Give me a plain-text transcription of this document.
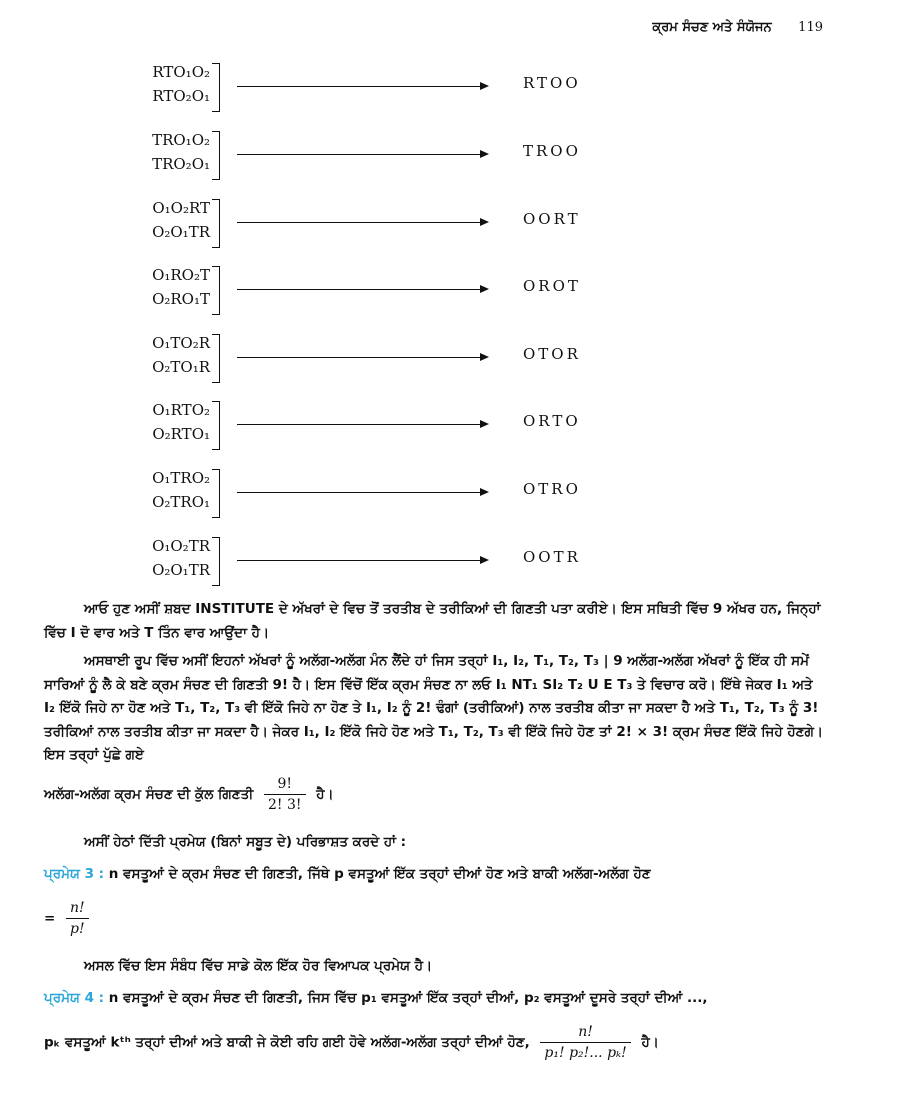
ਕ੍ਰਮ ਸੰਚਣ ਅਤੇ ਸੰਯੋਜਨ 119
RTO₁O₂
RTO₂O₁
RTOO
TRO₁O₂
TRO₂O₁
TROO
O₁O₂RT
O₂O₁TR
OORT
O₁RO₂T
O₂RO₁T
OROT
O₁TO₂R
O₂TO₁R
OTOR
O₁RTO₂
O₂RTO₁
ORTO
O₁TRO₂
O₂TRO₁
OTRO
O₁O₂TR
O₂O₁TR
OOTR
ਆਓ ਹੁਣ ਅਸੀਂ ਸ਼ਬਦ INSTITUTE ਦੇ ਅੱਖਰਾਂ ਦੇ ਵਿਚ ਤੋਂ ਤਰਤੀਬ ਦੇ ਤਰੀਕਿਆਂ ਦੀ ਗਿਣਤੀ ਪਤਾ ਕਰੀਏ। ਇਸ ਸਥਿਤੀ ਵਿੱਚ 9 ਅੱਖਰ ਹਨ, ਜਿਨ੍ਹਾਂ ਵਿੱਚ I ਦੋ ਵਾਰ ਅਤੇ T ਤਿੰਨ ਵਾਰ ਆਉਂਦਾ ਹੈ।
ਅਸਥਾਈ ਰੂਪ ਵਿੱਚ ਅਸੀਂ ਇਹਨਾਂ ਅੱਖਰਾਂ ਨੂੰ ਅਲੱਗ-ਅਲੱਗ ਮੰਨ ਲੈਂਦੇ ਹਾਂ ਜਿਸ ਤਰ੍ਹਾਂ I₁, I₂, T₁, T₂, T₃ | 9 ਅਲੱਗ-ਅਲੱਗ ਅੱਖਰਾਂ ਨੂੰ ਇੱਕ ਹੀ ਸਮੇਂ ਸਾਰਿਆਂ ਨੂੰ ਲੈ ਕੇ ਬਣੇ ਕ੍ਰਮ ਸੰਚਣ ਦੀ ਗਿਣਤੀ 9! ਹੈ। ਇਸ ਵਿੱਚੋਂ ਇੱਕ ਕ੍ਰਮ ਸੰਚਣ ਨਾ ਲਓ I₁ NT₁ SI₂ T₂ U E T₃ ਤੇ ਵਿਚਾਰ ਕਰੋ। ਇੱਥੇ ਜੇਕਰ I₁ ਅਤੇ I₂ ਇੱਕੋ ਜਿਹੇ ਨਾ ਹੋਣ ਅਤੇ T₁, T₂, T₃ ਵੀ ਇੱਕੋ ਜਿਹੇ ਨਾ ਹੋਣ ਤੇ I₁, I₂ ਨੂੰ 2! ਢੰਗਾਂ (ਤਰੀਕਿਆਂ) ਨਾਲ ਤਰਤੀਬ ਕੀਤਾ ਜਾ ਸਕਦਾ ਹੈ ਅਤੇ T₁, T₂, T₃ ਨੂੰ 3! ਤਰੀਕਿਆਂ ਨਾਲ ਤਰਤੀਬ ਕੀਤਾ ਜਾ ਸਕਦਾ ਹੈ। ਜੇਕਰ I₁, I₂ ਇੱਕੋ ਜਿਹੇ ਹੋਣ ਅਤੇ T₁, T₂, T₃ ਵੀ ਇੱਕੋ ਜਿਹੇ ਹੋਣ ਤਾਂ 2! × 3! ਕ੍ਰਮ ਸੰਚਣ ਇੱਕੋ ਜਿਹੇ ਹੋਣਗੇ। ਇਸ ਤਰ੍ਹਾਂ ਪੁੱਛੇ ਗਏ
ਅਲੱਗ-ਅਲੱਗ ਕ੍ਰਮ ਸੰਚਣ ਦੀ ਕੁੱਲ ਗਿਣਤੀ $\frac{9!}{2! 3!}$ ਹੈ।
ਅਸੀਂ ਹੇਠਾਂ ਦਿੱਤੀ ਪ੍ਰਮੇਯ (ਬਿਨਾਂ ਸਬੂਤ ਦੇ) ਪਰਿਭਾਸ਼ਤ ਕਰਦੇ ਹਾਂ :
ਪ੍ਰਮੇਯ 3 : n ਵਸਤੂਆਂ ਦੇ ਕ੍ਰਮ ਸੰਚਣ ਦੀ ਗਿਣਤੀ, ਜਿੱਥੇ p ਵਸਤੂਆਂ ਇੱਕ ਤਰ੍ਹਾਂ ਦੀਆਂ ਹੋਣ ਅਤੇ ਬਾਕੀ ਅਲੱਗ-ਅਲੱਗ ਹੋਣ
= $\frac{n!}{p!}$
ਅਸਲ ਵਿੱਚ ਇਸ ਸੰਬੰਧ ਵਿੱਚ ਸਾਡੇ ਕੋਲ ਇੱਕ ਹੋਰ ਵਿਆਪਕ ਪ੍ਰਮੇਯ ਹੈ।
ਪ੍ਰਮੇਯ 4 : n ਵਸਤੂਆਂ ਦੇ ਕ੍ਰਮ ਸੰਚਣ ਦੀ ਗਿਣਤੀ, ਜਿਸ ਵਿੱਚ p₁ ਵਸਤੂਆਂ ਇੱਕ ਤਰ੍ਹਾਂ ਦੀਆਂ, p₂ ਵਸਤੂਆਂ ਦੂਸਰੇ ਤਰ੍ਹਾਂ ਦੀਆਂ ...,
pₖ ਵਸਤੂਆਂ kᵗʰ ਤਰ੍ਹਾਂ ਦੀਆਂ ਅਤੇ ਬਾਕੀ ਜੇ ਕੋਈ ਰਹਿ ਗਈ ਹੋਵੇ ਅਲੱਗ-ਅਲੱਗ ਤਰ੍ਹਾਂ ਦੀਆਂ ਹੋਣ, $\frac{n!}{\text{p₁! p₂!... pₖ!}}$ ਹੈ।
